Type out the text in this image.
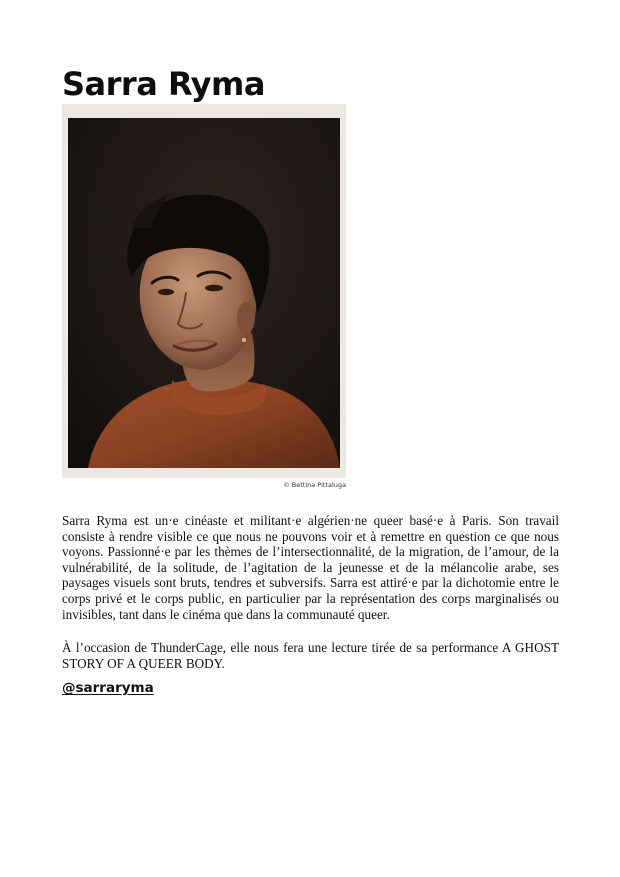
Sarra Ryma
© Bettina Pittaluga

Sarra Ryma est un·e cinéaste et militant·e algérien·ne queer basé·e à Paris. Son travail consiste à rendre visible ce que nous ne pouvons voir et à remettre en question ce que nous voyons. Passionné·e par les thèmes de l’intersectionnalité, de la migration, de l’amour, de la vulnérabilité, de la solitude, de l’agitation de la jeunesse et de la mélancolie arabe, ses paysages visuels sont bruts, tendres et subversifs. Sarra est attiré·e par la dichotomie entre le corps privé et le corps public, en particulier par la représentation des corps marginalisés ou invisibles, tant dans le cinéma que dans la communauté queer.

À l’occasion de ThunderCage, elle nous fera une lecture tirée de sa performance A GHOST STORY OF A QUEER BODY.

@sarraryma
